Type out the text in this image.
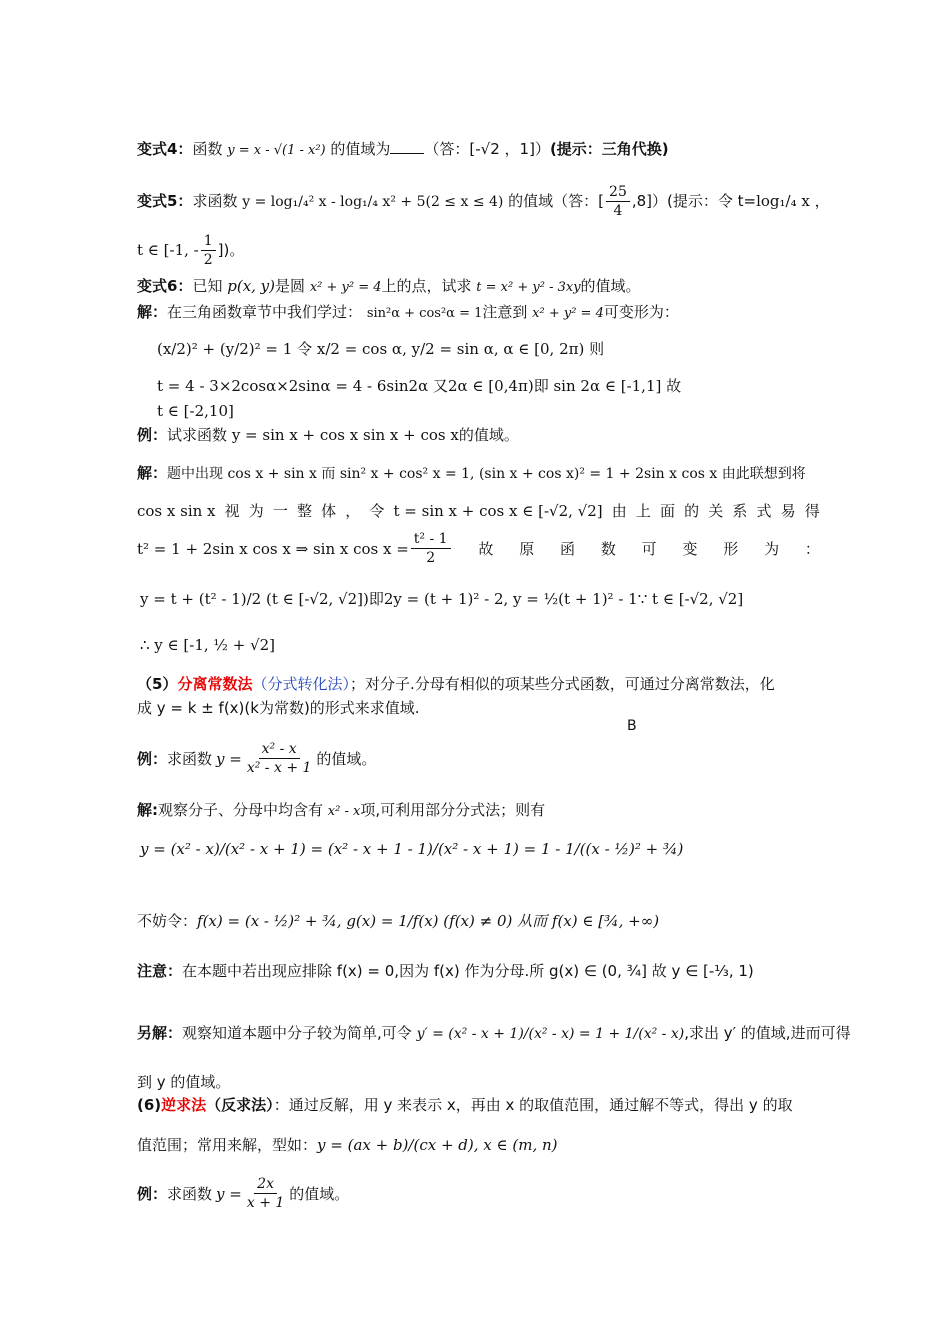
变式4：函数 y = x - √(1 - x²) 的值域为 （答：[-√2 ，1]）(提示：三角代换)
变式5：求函数 y = log₁/₄² x - log₁/₄ x² + 5(2 ≤ x ≤ 4) 的值域（答：[ $\frac{25}{4} ,8$]）(提示：令 t=log₁/₄ x ，
t ∈ [-1, - $\frac{1}{2}$ ])。
变式6：已知 p(x, y)是圆 x² + y² = 4上的点，试求 t = x² + y² - 3xy的值域。
解：在三角函数章节中我们学过： sin²α + cos²α = 1注意到 x² + y² = 4可变形为：
(x/2)² + (y/2)² = 1 令 x/2 = cos α, y/2 = sin α, α ∈ [0, 2π) 则
t = 4 - 3×2cosα×2sinα = 4 - 6sin2α 又2α ∈ [0,4π)即 sin 2α ∈ [-1,1] 故
t ∈ [-2,10]
例：试求函数 y = sin x + cos x sin x + cos x的值域。
解：题中出现 cos x + sin x 而 sin² x + cos² x = 1, (sin x + cos x)² = 1 + 2sin x cos x 由此联想到将
cos x sin x 视 为 一 整 体 ， 令 t = sin x + cos x ∈ [-√2, √2] 由 上 面 的 关 系 式 易 得
t² = 1 + 2sin x cos x ⇒ sin x $\cos x = \frac{\text{t² - 1}}{2}$ 故 原 函 数 可 变 形 为 ：
y = t + (t² - 1)/2 (t ∈ [-√2, √2])即2y = (t + 1)² - 2, y = ½(t + 1)² - 1∵ t ∈ [-√2, √2]
∴ y ∈ [-1, ½ + √2]
（5）分离常数法（分式转化法）；对分子.分母有相似的项某些分式函数，可通过分离常数法，化
成 y = k ± f(x)(k为常数)的形式来求值域.
B
例： 求函数 $y = \frac{\text{x² - x}}{\text{x² - x + 1}}$ 的值域。
解:观察分子、分母中均含有 x² - x项,可利用部分分式法；则有
y = (x² - x)/(x² - x + 1) = (x² - x + 1 - 1)/(x² - x + 1) = 1 - 1/((x - ½)² + ¾)
不妨令：f(x) = (x - ½)² + ¾, g(x) = 1/f(x) (f(x) ≠ 0) 从而 f(x) ∈ [¾, +∞)
注意：在本题中若出现应排除 f(x) = 0,因为 f(x) 作为分母.所 g(x) ∈ (0, ¾] 故 y ∈ [-⅓, 1)
另解：观察知道本题中分子较为简单,可令 y′ = (x² - x + 1)/(x² - x) = 1 + 1/(x² - x),求出 y′ 的值域,进而可得
到 y 的值域。
(6)逆求法（反求法）：通过反解，用 y 来表示 x，再由 x 的取值范围，通过解不等式，得出 y 的取
值范围；常用来解，型如：y = (ax + b)/(cx + d), x ∈ (m, n)
例： 求函数 $y = \frac{2x}{x + 1}$ 的值域。
